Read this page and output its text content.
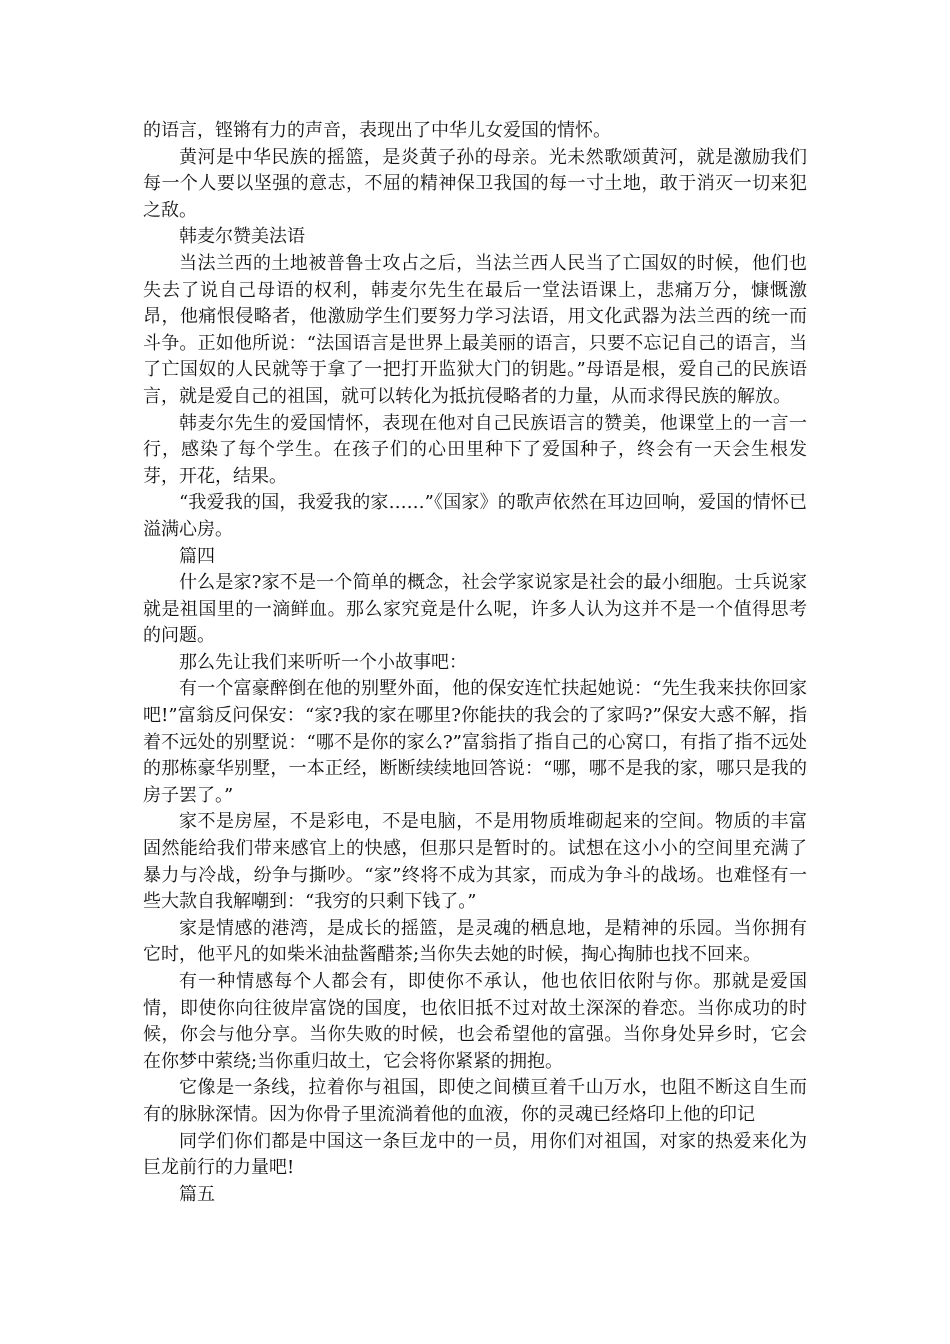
的语言，铿锵有力的声音，表现出了中华儿女爱国的情怀。

黄河是中华民族的摇篮，是炎黄子孙的母亲。光未然歌颂黄河，就是激励我们每一个人要以坚强的意志，不屈的精神保卫我国的每一寸土地，敢于消灭一切来犯之敌。

韩麦尔赞美法语

当法兰西的土地被普鲁士攻占之后，当法兰西人民当了亡国奴的时候，他们也失去了说自己母语的权利，韩麦尔先生在最后一堂法语课上，悲痛万分，慷慨激昂，他痛恨侵略者，他激励学生们要努力学习法语，用文化武器为法兰西的统一而斗争。正如他所说：“法国语言是世界上最美丽的语言，只要不忘记自己的语言，当了亡国奴的人民就等于拿了一把打开监狱大门的钥匙。”母语是根，爱自己的民族语言，就是爱自己的祖国，就可以转化为抵抗侵略者的力量，从而求得民族的解放。

韩麦尔先生的爱国情怀，表现在他对自己民族语言的赞美，他课堂上的一言一行，感染了每个学生。在孩子们的心田里种下了爱国种子，终会有一天会生根发芽，开花，结果。

“我爱我的国，我爱我的家……”《国家》的歌声依然在耳边回响，爱国的情怀已溢满心房。

篇四

什么是家?家不是一个简单的概念，社会学家说家是社会的最小细胞。士兵说家就是祖国里的一滴鲜血。那么家究竟是什么呢，许多人认为这并不是一个值得思考的问题。

那么先让我们来听听一个小故事吧：

有一个富豪醉倒在他的别墅外面，他的保安连忙扶起她说：“先生我来扶你回家吧!”富翁反问保安：“家?我的家在哪里?你能扶的我会的了家吗?”保安大惑不解，指着不远处的别墅说：“哪不是你的家么?”富翁指了指自己的心窝口，有指了指不远处的那栋豪华别墅，一本正经，断断续续地回答说：“哪，哪不是我的家，哪只是我的房子罢了。”

家不是房屋，不是彩电，不是电脑，不是用物质堆砌起来的空间。物质的丰富固然能给我们带来感官上的快感，但那只是暂时的。试想在这小小的空间里充满了暴力与冷战，纷争与撕吵。“家”终将不成为其家，而成为争斗的战场。也难怪有一些大款自我解嘲到：“我穷的只剩下钱了。”

家是情感的港湾，是成长的摇篮，是灵魂的栖息地，是精神的乐园。当你拥有它时，他平凡的如柴米油盐酱醋茶;当你失去她的时候，掏心掏肺也找不回来。

有一种情感每个人都会有，即使你不承认，他也依旧依附与你。那就是爱国情，即使你向往彼岸富饶的国度，也依旧抵不过对故土深深的眷恋。当你成功的时候，你会与他分享。当你失败的时候，也会希望他的富强。当你身处异乡时，它会在你梦中萦绕;当你重归故土，它会将你紧紧的拥抱。

它像是一条线，拉着你与祖国，即使之间横亘着千山万水，也阻不断这自生而有的脉脉深情。因为你骨子里流淌着他的血液，你的灵魂已经烙印上他的印记

同学们你们都是中国这一条巨龙中的一员，用你们对祖国，对家的热爱来化为巨龙前行的力量吧!

篇五
